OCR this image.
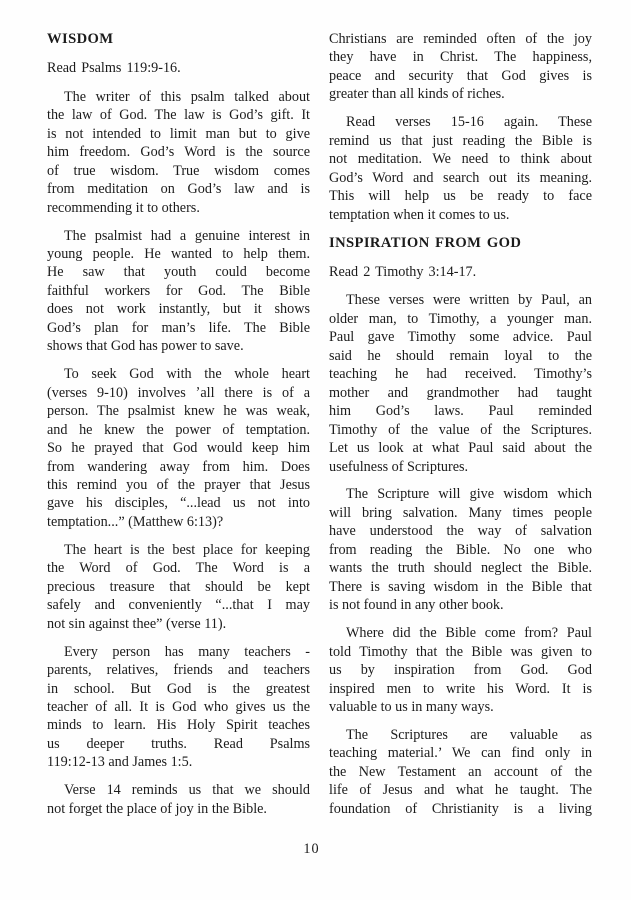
WISDOM

Read Psalms 119:9-16.

The writer of this psalm talked about
the law of God. The law is God’s gift. It
is not intended to limit man but to give
him freedom. God’s Word is the source
of true wisdom. True wisdom comes
from meditation on God’s law and is
recommending it to others.
The psalmist had a genuine interest in
young people. He wanted to help them.
He saw that youth could become
faithful workers for God. The Bible
does not work instantly, but it shows
God’s plan for man’s life. The Bible
shows that God has power to save.
To seek God with the whole heart
(verses 9-10) involves ʼall there is of a
person. The psalmist knew he was weak,
and he knew the power of temptation.
So he prayed that God would keep him
from wandering away from him. Does
this remind you of the prayer that Jesus
gave his disciples, “...lead us not into
temptation...” (Matthew 6:13)?
The heart is the best place for keeping
the Word of God. The Word is a
precious treasure that should be kept
safely and conveniently “...that I may
not sin against thee” (verse 11).
Every person has many teachers -
parents, relatives, friends and teachers
in school. But God is the greatest
teacher of all. It is God who gives us the
minds to learn. His Holy Spirit teaches
us deeper truths. Read Psalms
119:12-13 and James 1:5.
Verse 14 reminds us that we should
not forget the place of joy in the Bible.
Christians are reminded often of the joy
they have in Christ. The happiness,
peace and security that God gives is
greater than all kinds of riches.
Read verses 15-16 again. These
remind us that just reading the Bible is
not meditation. We need to think about
God’s Word and search out its meaning.
This will help us be ready to face
temptation when it comes to us.
INSPIRATION FROM GOD

Read 2 Timothy 3:14-17.

These verses were written by Paul, an
older man, to Timothy, a younger man.
Paul gave Timothy some advice. Paul
said he should remain loyal to the
teaching he had received. Timothy’s
mother and grandmother had taught
him God’s laws. Paul reminded
Timothy of the value of the Scriptures.
Let us look at what Paul said about the
usefulness of Scriptures.
The Scripture will give wisdom which
will bring salvation. Many times people
have understood the way of salvation
from reading the Bible. No one who
wants the truth should neglect the Bible.
There is saving wisdom in the Bible that
is not found in any other book.
Where did the Bible come from? Paul
told Timothy that the Bible was given to
us by inspiration from God. God
inspired men to write his Word. It is
valuable to us in many ways.
The Scriptures are valuable as
teaching material.’ We can find only in
the New Testament an account of the
life of Jesus and what he taught. The
foundation of Christianity is a living
10
